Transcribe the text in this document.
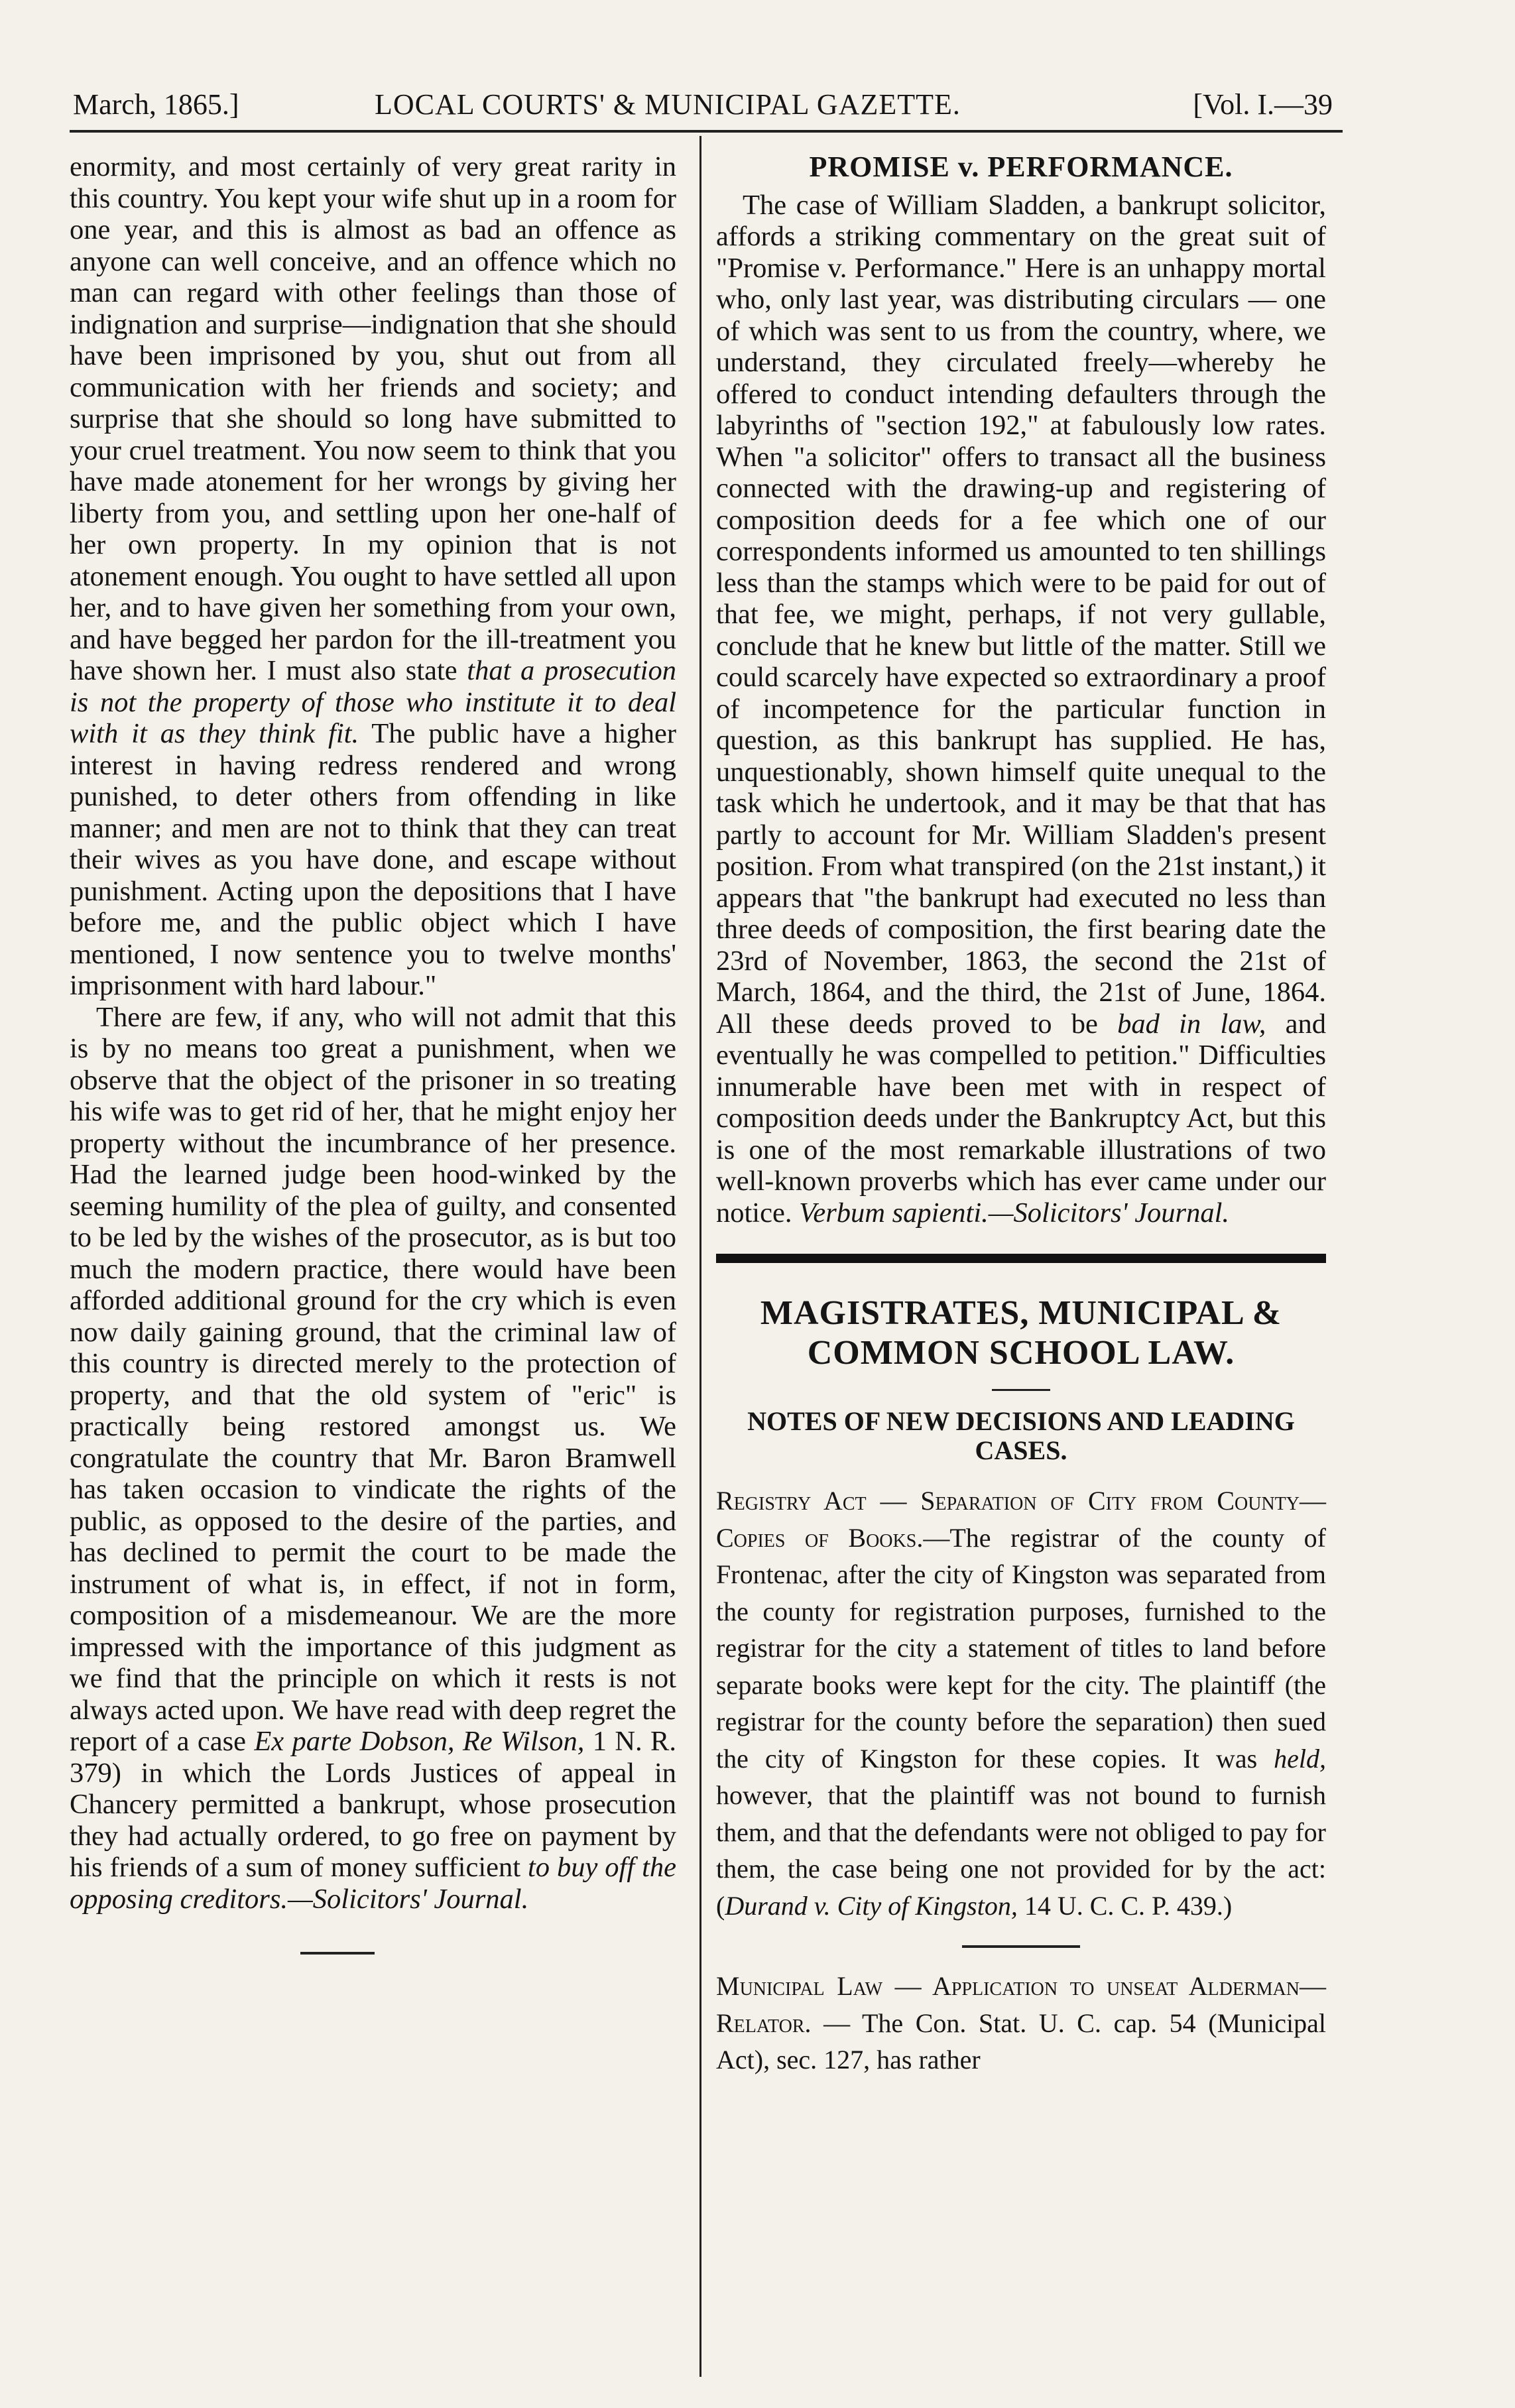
March, 1865.]	LOCAL COURTS' & MUNICIPAL GAZETTE.	[Vol. I.—39

enormity, and most certainly of very great rarity in this country. You kept your wife shut up in a room for one year, and this is almost as bad an offence as anyone can well conceive, and an offence which no man can regard with other feelings than those of indignation and surprise—indignation that she should have been imprisoned by you, shut out from all communication with her friends and society; and surprise that she should so long have submitted to your cruel treatment. You now seem to think that you have made atonement for her wrongs by giving her liberty from you, and settling upon her one-half of her own property. In my opinion that is not atonement enough. You ought to have settled all upon her, and to have given her something from your own, and have begged her pardon for the ill-treatment you have shown her. I must also state that a prosecution is not the property of those who institute it to deal with it as they think fit. The public have a higher interest in having redress rendered and wrong punished, to deter others from offending in like manner; and men are not to think that they can treat their wives as you have done, and escape without punishment. Acting upon the depositions that I have before me, and the public object which I have mentioned, I now sentence you to twelve months' imprisonment with hard labour."

There are few, if any, who will not admit that this is by no means too great a punishment, when we observe that the object of the prisoner in so treating his wife was to get rid of her, that he might enjoy her property without the incumbrance of her presence. Had the learned judge been hood-winked by the seeming humility of the plea of guilty, and consented to be led by the wishes of the prosecutor, as is but too much the modern practice, there would have been afforded additional ground for the cry which is even now daily gaining ground, that the criminal law of this country is directed merely to the protection of property, and that the old system of "eric" is practically being restored amongst us. We congratulate the country that Mr. Baron Bramwell has taken occasion to vindicate the rights of the public, as opposed to the desire of the parties, and has declined to permit the court to be made the instrument of what is, in effect, if not in form, composition of a misdemeanour. We are the more impressed with the importance of this judgment as we find that the principle on which it rests is not always acted upon. We have read with deep regret the report of a case Ex parte Dobson, Re Wilson, 1 N. R. 379) in which the Lords Justices of appeal in Chancery permitted a bankrupt, whose prosecution they had actually ordered, to go free on payment by his friends of a sum of money sufficient to buy off the opposing creditors.—Solicitors' Journal.

PROMISE v. PERFORMANCE.

The case of William Sladden, a bankrupt solicitor, affords a striking commentary on the great suit of "Promise v. Performance." Here is an unhappy mortal who, only last year, was distributing circulars — one of which was sent to us from the country, where, we understand, they circulated freely—whereby he offered to conduct intending defaulters through the labyrinths of "section 192," at fabulously low rates. When "a solicitor" offers to transact all the business connected with the drawing-up and registering of composition deeds for a fee which one of our correspondents informed us amounted to ten shillings less than the stamps which were to be paid for out of that fee, we might, perhaps, if not very gullable, conclude that he knew but little of the matter. Still we could scarcely have expected so extraordinary a proof of incompetence for the particular function in question, as this bankrupt has supplied. He has, unquestionably, shown himself quite unequal to the task which he undertook, and it may be that that has partly to account for Mr. William Sladden's present position. From what transpired (on the 21st instant,) it appears that "the bankrupt had executed no less than three deeds of composition, the first bearing date the 23rd of November, 1863, the second the 21st of March, 1864, and the third, the 21st of June, 1864. All these deeds proved to be bad in law, and eventually he was compelled to petition." Difficulties innumerable have been met with in respect of composition deeds under the Bankruptcy Act, but this is one of the most remarkable illustrations of two well-known proverbs which has ever came under our notice. Verbum sapienti.—Solicitors' Journal.

MAGISTRATES, MUNICIPAL &
COMMON SCHOOL LAW.
NOTES OF NEW DECISIONS AND LEADING CASES.

Registry Act — Separation of City from County—Copies of Books.—The registrar of the county of Frontenac, after the city of Kingston was separated from the county for registration purposes, furnished to the registrar for the city a statement of titles to land before separate books were kept for the city. The plaintiff (the registrar for the county before the separation) then sued the city of Kingston for these copies. It was held, however, that the plaintiff was not bound to furnish them, and that the defendants were not obliged to pay for them, the case being one not provided for by the act: (Durand v. City of Kingston, 14 U. C. C. P. 439.)

Municipal Law — Application to unseat Alderman—Relator. — The Con. Stat. U. C. cap. 54 (Municipal Act), sec. 127, has rather
